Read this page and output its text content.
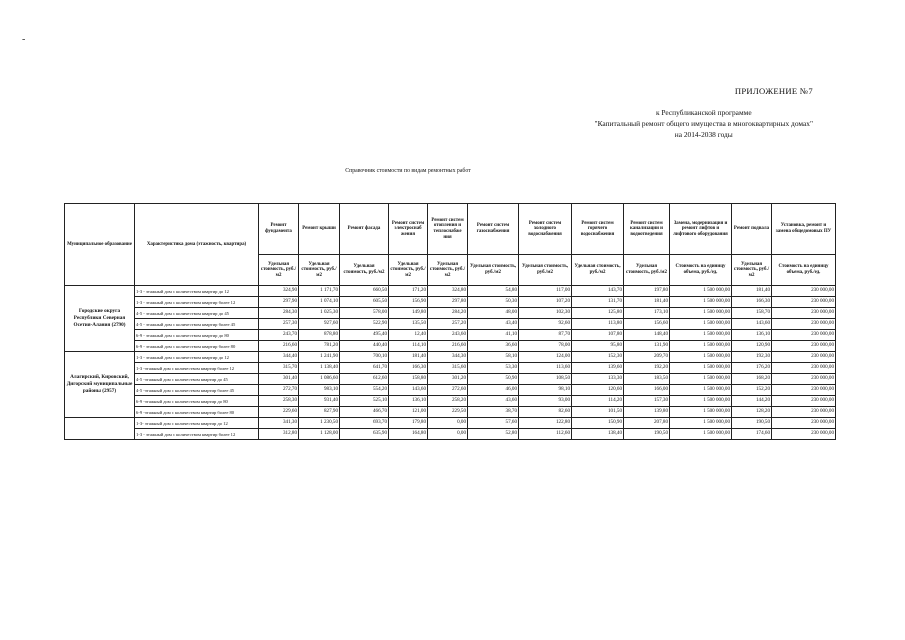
-
ПРИЛОЖЕНИЕ №7
к Республиканской программе
"Капитальный ремонт общего имущества в многоквартирных домах"
на 2014-2038 годы
Справочник стоимости по видам ремонтных работ
Муниципальное образование	Характеристика дома (этажность, квартира)	Ремонт фундамента	Ремонт крыши	Ремонт фасада	Ремонт систем электроснаб жения	Ремонт систем отопления и теплоснабже ния	Ремонт систем газоснабжения	Ремонт систем холодного водоснабжения	Ремонт систем горячего водоснабжения	Ремонт систем канализации и водоотведения	Замена, модернизация и ремонт лифтов и лифтового оборудования	Ремонт подвала	Установка, ремонт и замена общедомовых ПУ
		Удельная стоимость, руб./м2	Удельная стоимость, руб./м2	Удельная стоимость, руб./м2	Удельная стоимость, руб./м2	Удельная стоимость, руб./м2	Удельная стоимость, руб./м2	Удельная стоимость, руб./м2	Удельная стоимость, руб./м2	Удельная стоимость, руб./м2	Стоимость на единицу объема, руб./ед.	Удельная стоимость, руб./м2	Стоимость на единицу объема, руб./ед.
Городские округа Республики Северная Осетия-Алания (2790)	1-3 - этажный дом с количеством квартир до 12	324,90	1 171,70	660,50	171,20	324,80	54,80	117,00	143,70	197,80	1 500 000,00	181,40	230 000,00
	1-3 - этажный дом с количеством квартир более 12	297,90	1 074,10	605,50	156,90	297,80	50,30	107,20	131,70	181,40	1 500 000,00	166,30	230 000,00
	4-5 - этажный дом с количеством квартир до 45	284,30	1 025,30	578,00	149,80	284,20	48,00	102,30	125,80	173,10	1 500 000,00	158,70	230 000,00
	4-5 - этажный дом с количеством квартир более 45	257,30	927,60	522,90	135,50	257,20	43,40	92,60	113,80	156,60	1 500 000,00	143,60	230 000,00
	6-9 - этажный дом с количеством квартир до 80	243,70	878,80	495,40	12,40	243,60	41,10	87,70	107,80	148,40	1 500 000,00	136,10	230 000,00
	6-9 - этажный дом с количеством квартир более 80	216,60	781,20	440,40	114,10	216,60	36,60	78,00	95,80	131,90	1 500 000,00	120,90	230 000,00
Алагирский, Кировский, Дигорский муниципальные районы (2957)	1-3 - этажный дом с количеством квартир до 12	344,40	1 241,90	700,10	181,40	344,30	58,10	124,00	152,30	209,70	1 500 000,00	192,30	230 000,00
	1-3 -этажный дом с количеством квартир более 12	315,70	1 138,40	641,70	166,30	315,60	53,30	113,60	139,60	192,20	1 500 000,00	176,20	230 000,00
	4-5 -этажный дом с количеством квартир до 45	301,40	1 086,60	612,60	158,80	301,20	50,90	108,50	133,30	183,50	1 500 000,00	168,20	230 000,00
	4-5 -этажный дом с количеством квартир более 45	272,70	983,10	554,20	143,60	272,60	46,00	98,10	120,60	166,00	1 500 000,00	152,20	230 000,00
	6-9 -этажный дом с количеством квартир до 80	258,30	931,40	525,10	136,10	258,20	43,60	93,00	114,20	157,30	1 500 000,00	144,20	230 000,00
	6-9 -этажный дом с количеством квартир более 80	229,60	827,90	466,70	121,00	229,50	38,70	82,60	101,50	139,80	1 500 000,00	128,20	230 000,00
	1-3- этажный дом с количеством квартир до 12	341,30	1 230,50	693,70	179,80	0,00	57,60	122,80	150,90	207,80	1 500 000,00	190,50	230 000,00
	1-3 - этажный дом с количеством квартир более 12	312,80	1 128,00	635,90	164,80	0,00	52,80	112,60	138,40	190,50	1 500 000,00	174,60	230 000,00
